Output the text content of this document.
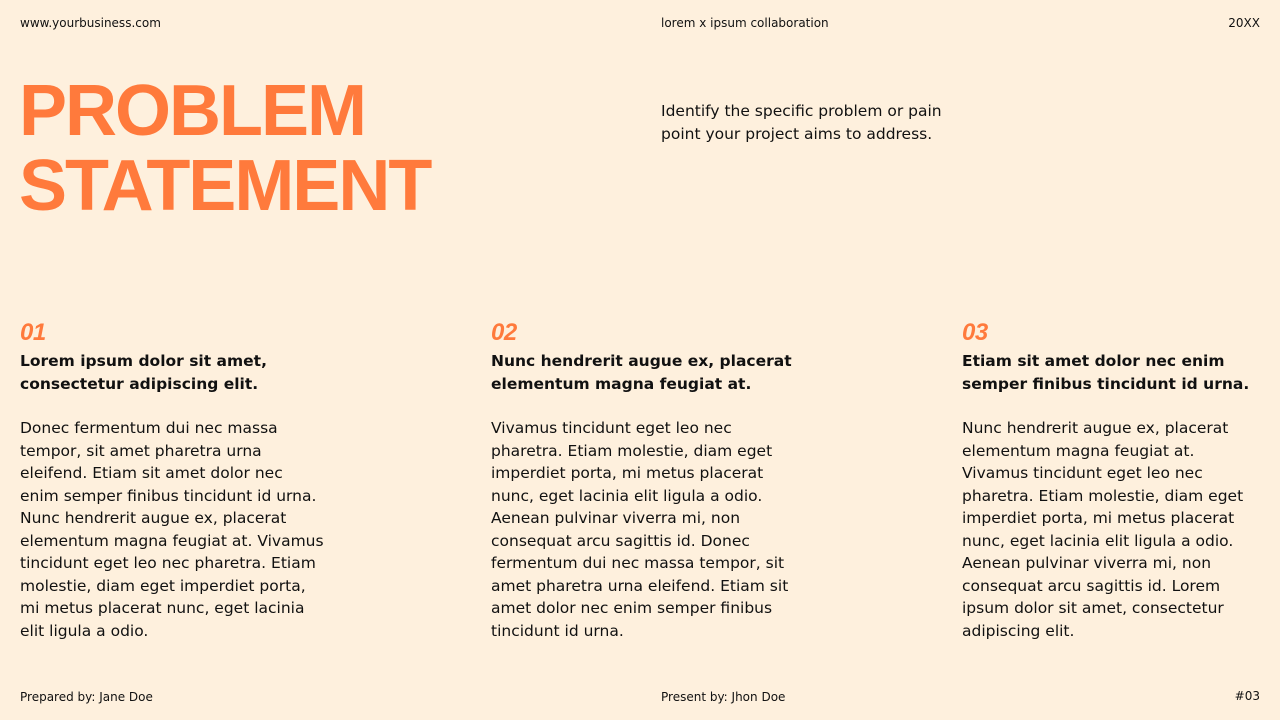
www.yourbusiness.com	lorem x ipsum collaboration	20XX
PROBLEM
STATEMENT

Identify the specific problem or pain point your project aims to address.

01
Lorem ipsum dolor sit amet, consectetur adipiscing elit.

Donec fermentum dui nec massa tempor, sit amet pharetra urna eleifend. Etiam sit amet dolor nec enim semper finibus tincidunt id urna. Nunc hendrerit augue ex, placerat elementum magna feugiat at. Vivamus tincidunt eget leo nec pharetra. Etiam molestie, diam eget imperdiet porta, mi metus placerat nunc, eget lacinia elit ligula a odio.

02
Nunc hendrerit augue ex, placerat elementum magna feugiat at.

Vivamus tincidunt eget leo nec pharetra. Etiam molestie, diam eget imperdiet porta, mi metus placerat nunc, eget lacinia elit ligula a odio. Aenean pulvinar viverra mi, non consequat arcu sagittis id. Donec fermentum dui nec massa tempor, sit amet pharetra urna eleifend. Etiam sit amet dolor nec enim semper finibus tincidunt id urna.

03
Etiam sit amet dolor nec enim semper finibus tincidunt id urna.

Nunc hendrerit augue ex, placerat elementum magna feugiat at. Vivamus tincidunt eget leo nec pharetra. Etiam molestie, diam eget imperdiet porta, mi metus placerat nunc, eget lacinia elit ligula a odio. Aenean pulvinar viverra mi, non consequat arcu sagittis id. Lorem ipsum dolor sit amet, consectetur adipiscing elit.

Prepared by: Jane Doe	Present by: Jhon Doe	#03
